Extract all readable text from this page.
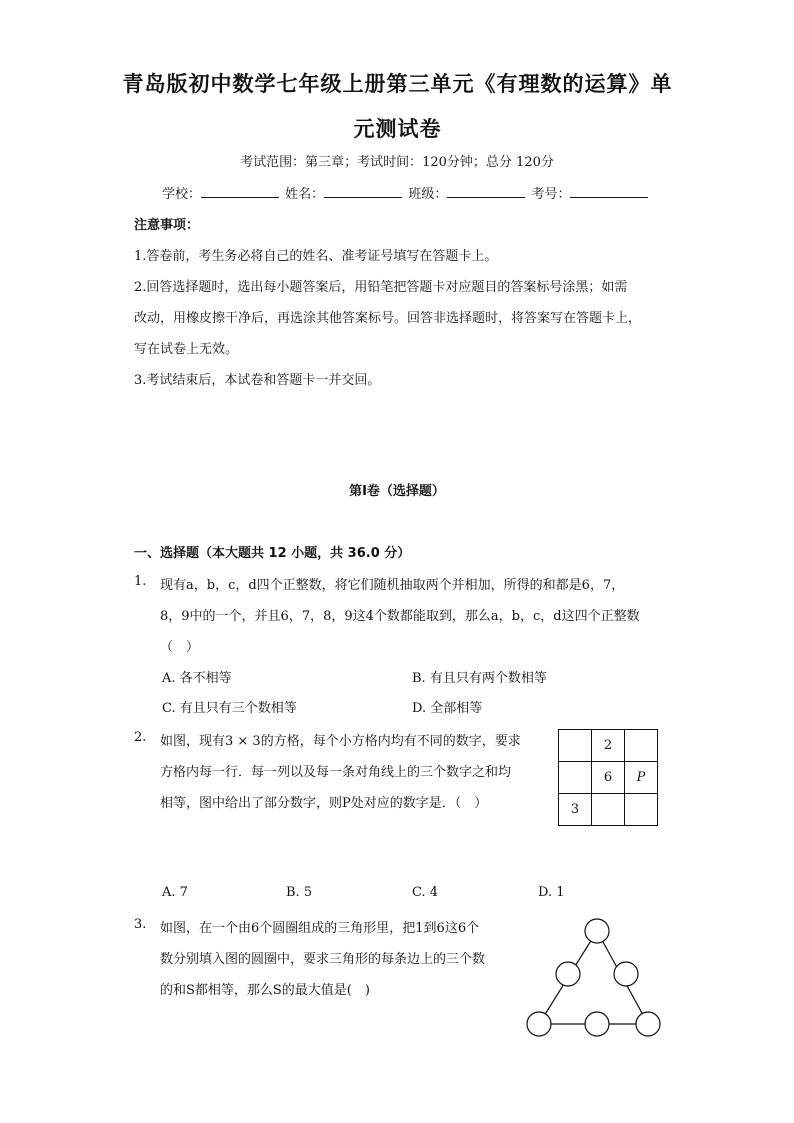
青岛版初中数学七年级上册第三单元《有理数的运算》单
元测试卷
考试范围：第三章；考试时间：120分钟；总分 120分
学校：	姓名：	班级：	考号：
注意事项：
1.答卷前，考生务必将自己的姓名、准考证号填写在答题卡上。
2.回答选择题时，选出每小题答案后，用铅笔把答题卡对应题目的答案标号涂黑；如需
改动，用橡皮擦干净后，再选涂其他答案标号。回答非选择题时，将答案写在答题卡上，
写在试卷上无效。
3.考试结束后，本试卷和答题卡一并交回。
第Ⅰ卷（选择题）
一、选择题（本大题共 12 小题，共 36.0 分）
1. 现有a，b，c，d四个正整数，将它们随机抽取两个并相加，所得的和都是6，7，
8，9中的一个，并且6，7，8，9这4个数都能取到，那么a，b，c，d这四个正整数
（　）
A. 各不相等	B. 有且只有两个数相等
C. 有且只有三个数相等	D. 全部相等
2. 如图，现有3 × 3的方格，每个小方格内均有不同的数字，要求
方格内每一行．每一列以及每一条对角线上的三个数字之和均
相等，图中给出了部分数字，则P处对应的数字是．（　）
	2	
	6	P
3		
A. 7	B. 5	C. 4	D. 1
3. 如图，在一个由6个圆圈组成的三角形里，把1到6这6个
数分别填入图的圆圈中，要求三角形的每条边上的三个数
的和S都相等，那么S的最大值是(　)
